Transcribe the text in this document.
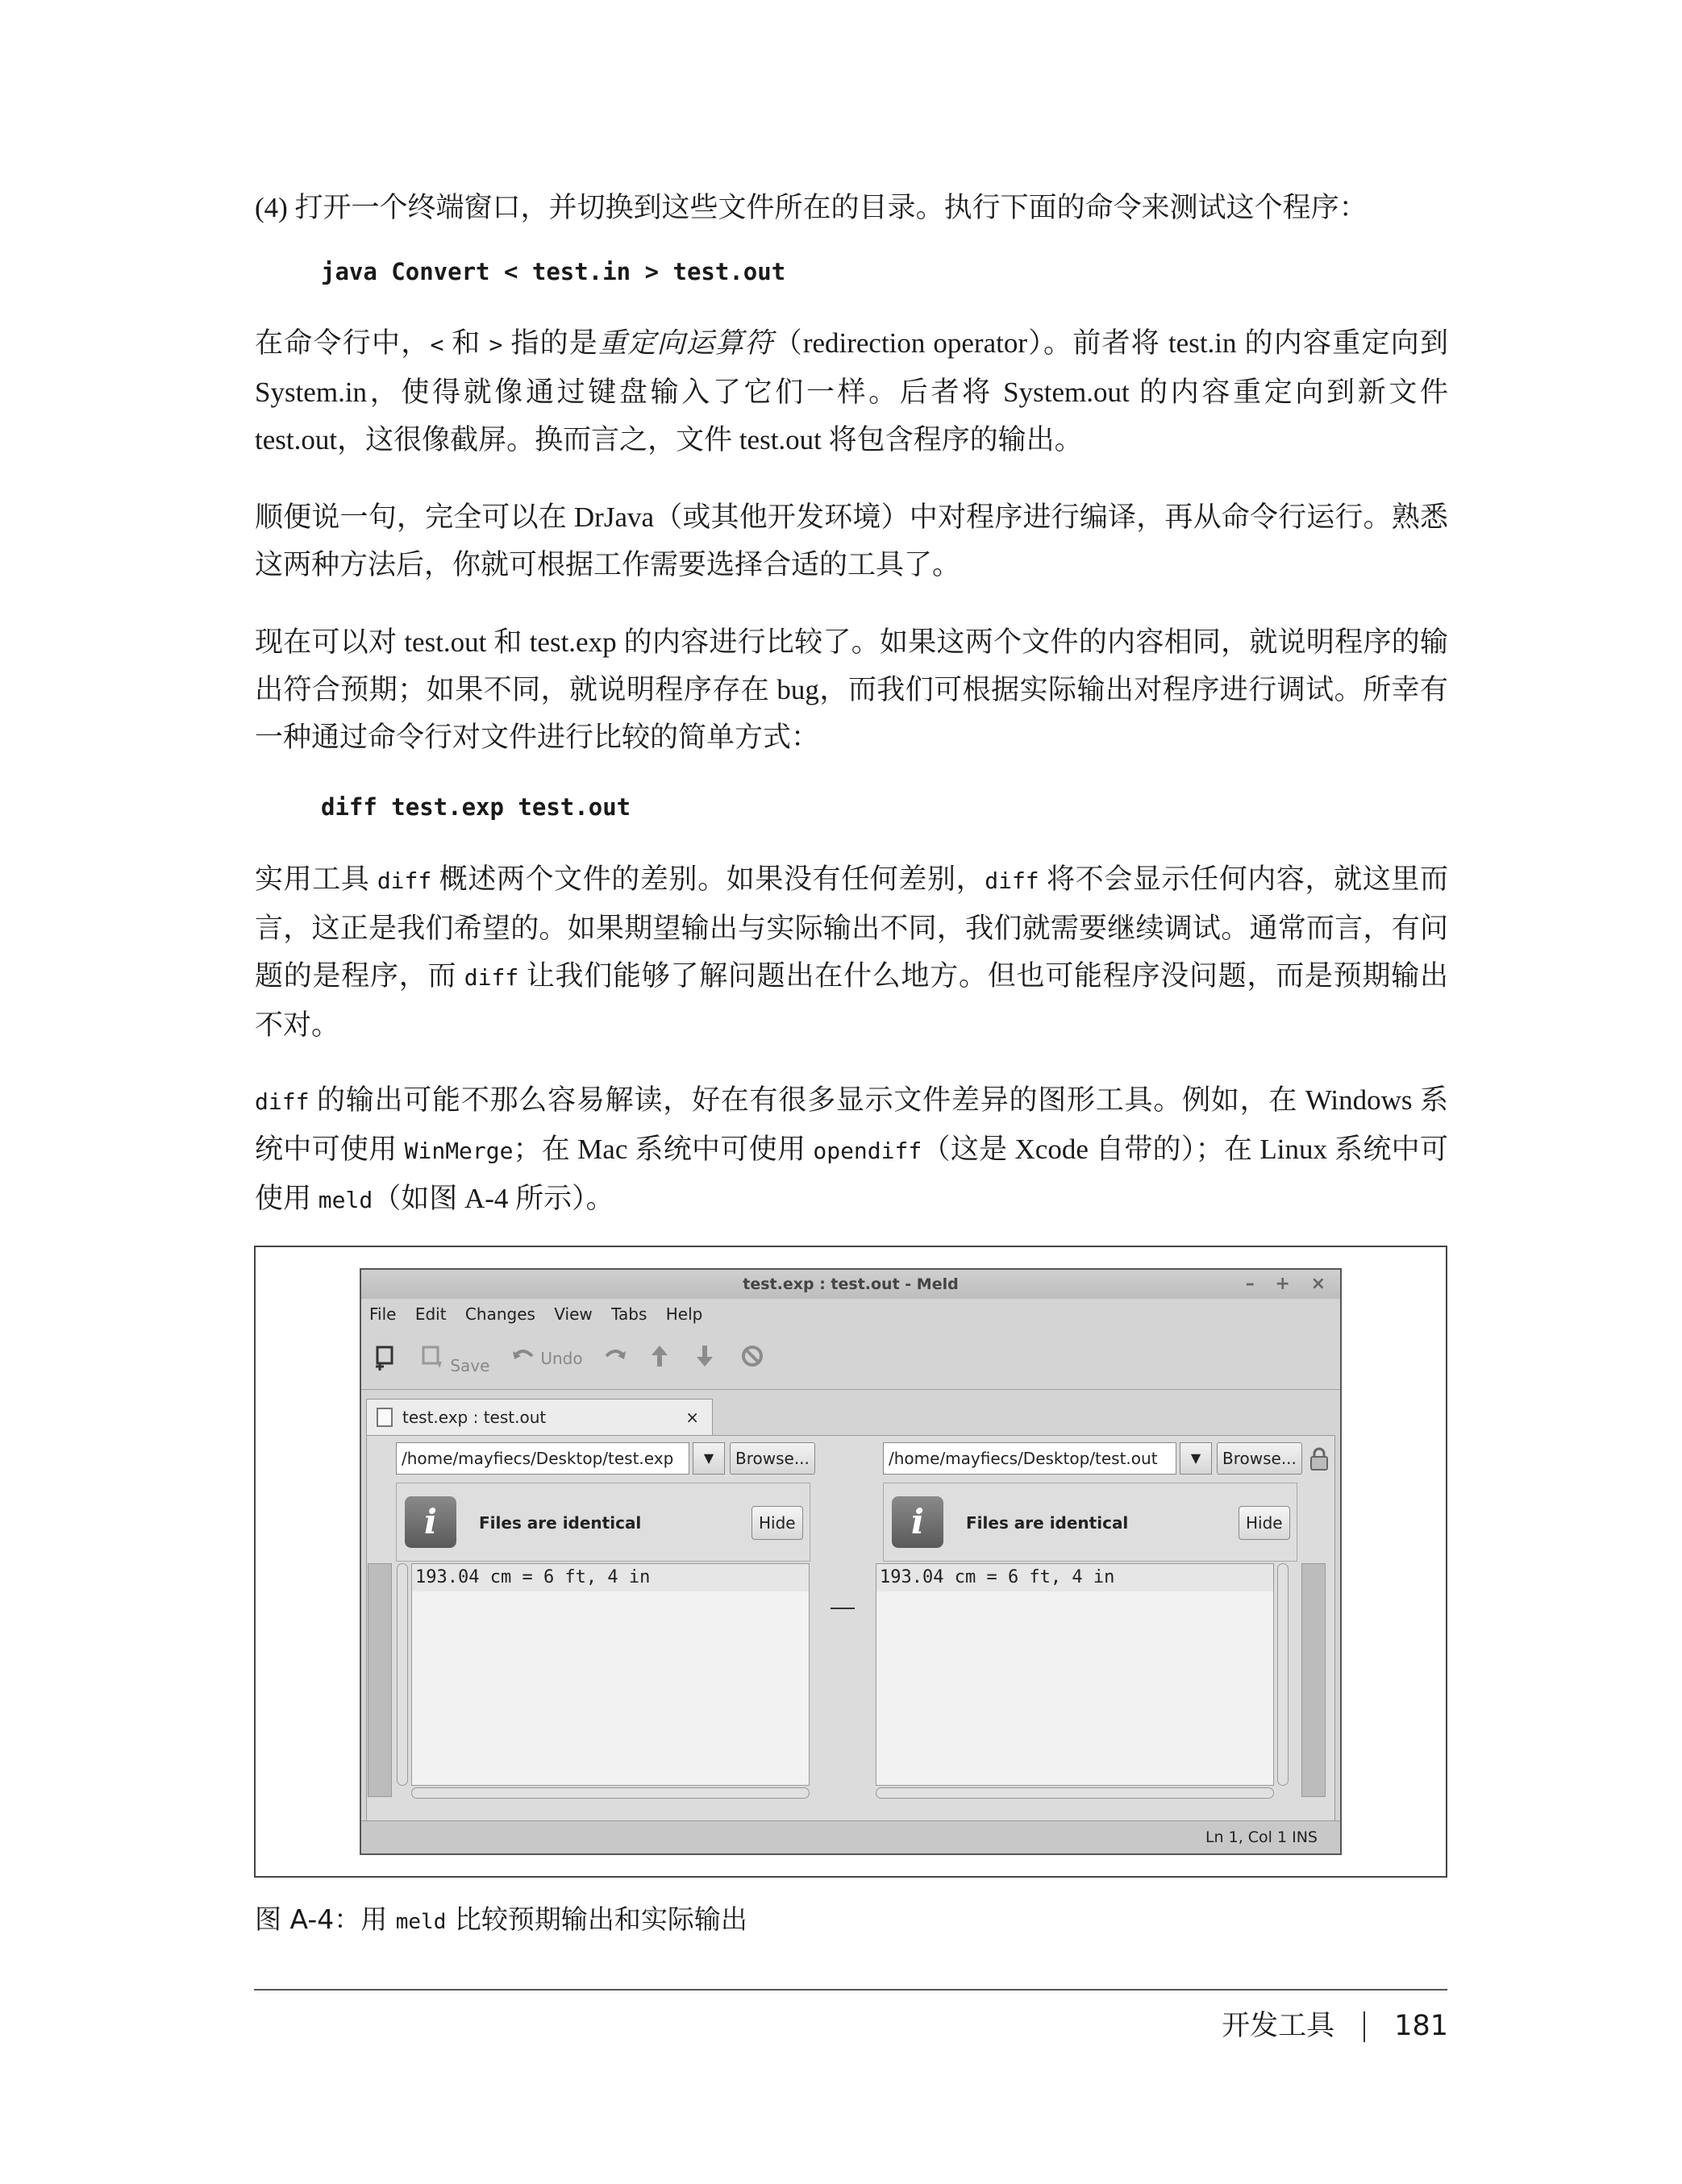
(4) 打开一个终端窗口，并切换到这些文件所在的目录。执行下面的命令来测试这个程序：

java Convert < test.in > test.out

在命令行中，< 和 > 指的是重定向运算符（redirection operator）。前者将 test.in 的内容重定向到 System.in，使得就像通过键盘输入了它们一样。后者将 System.out 的内容重定向到新文件 test.out，这很像截屏。换而言之，文件 test.out 将包含程序的输出。

顺便说一句，完全可以在 DrJava（或其他开发环境）中对程序进行编译，再从命令行运行。熟悉这两种方法后，你就可根据工作需要选择合适的工具了。

现在可以对 test.out 和 test.exp 的内容进行比较了。如果这两个文件的内容相同，就说明程序的输出符合预期；如果不同，就说明程序存在 bug，而我们可根据实际输出对程序进行调试。所幸有一种通过命令行对文件进行比较的简单方式：

diff test.exp test.out

实用工具 diff 概述两个文件的差别。如果没有任何差别，diff 将不会显示任何内容，就这里而言，这正是我们希望的。如果期望输出与实际输出不同，我们就需要继续调试。通常而言，有问题的是程序，而 diff 让我们能够了解问题出在什么地方。但也可能程序没问题，而是预期输出不对。

diff 的输出可能不那么容易解读，好在有很多显示文件差异的图形工具。例如，在 Windows 系统中可使用 WinMerge；在 Mac 系统中可使用 opendiff（这是 Xcode 自带的）；在 Linux 系统中可使用 meld（如图 A-4 所示）。

test.exp : test.out - Meld	– + ×
File Edit Changes View Tabs Help
Save	Undo
test.exp : test.out	×
/home/mayfiecs/Desktop/test.exp	▼	Browse...	/home/mayfiecs/Desktop/test.out	▼	Browse...
i	Files are identical	Hide	i	Files are identical	Hide
193.04 cm = 6 ft, 4 in	193.04 cm = 6 ft, 4 in
Ln 1, Col 1 INS

图 A-4：用 meld 比较预期输出和实际输出

开发工具 181
